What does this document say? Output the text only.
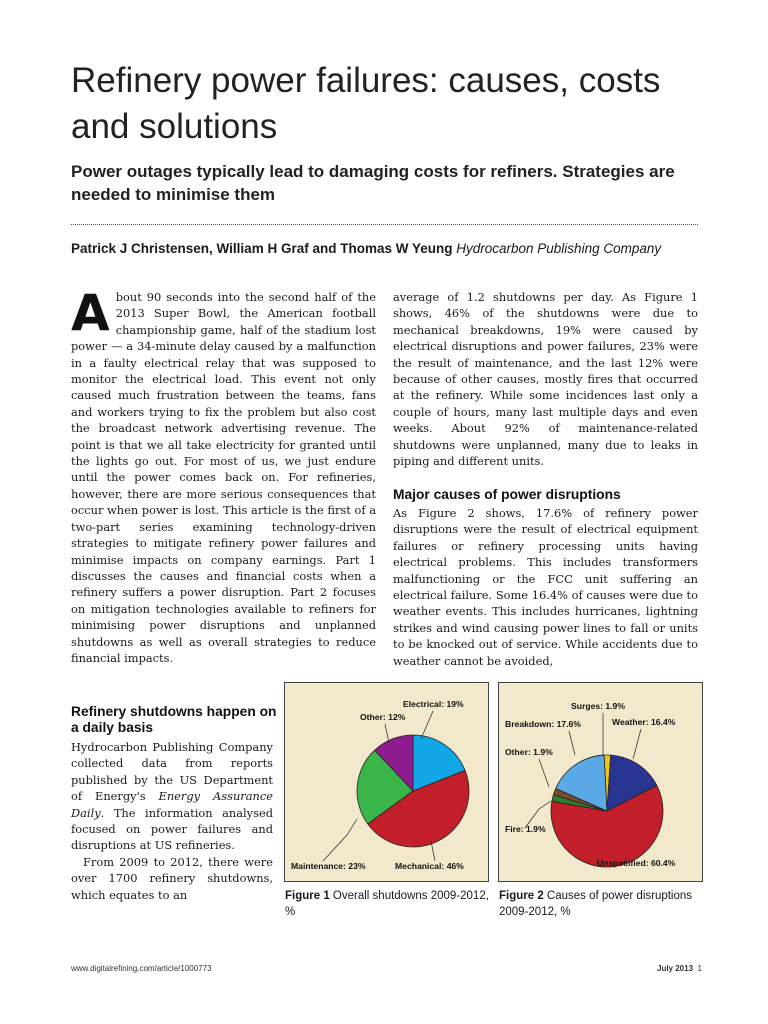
Refinery power failures: causes, costs and solutions
Power outages typically lead to damaging costs for refiners. Strategies are needed to minimise them

Patrick J Christensen, William H Graf and Thomas W Yeung Hydrocarbon Publishing Company

A bout 90 seconds into the second half of the 2013 Super Bowl, the American football championship game, half of the stadium lost power — a 34-minute delay caused by a malfunction in a faulty electrical relay that was supposed to monitor the electrical load. This event not only caused much frustration between the teams, fans and workers trying to fix the problem but also cost the broadcast network advertising revenue. The point is that we all take electricity for granted until the lights go out. For most of us, we just endure until the power comes back on. For refineries, however, there are more serious consequences that occur when power is lost. This article is the first of a two-part series examining technology-driven strategies to mitigate refinery power failures and minimise impacts on company earnings. Part 1 discusses the causes and financial costs when a refinery suffers a power disruption. Part 2 focuses on mitigation technologies available to refiners for minimising power disruptions and unplanned shutdowns as well as overall strategies to reduce financial impacts.

Refinery shutdowns happen on a daily basis

Hydrocarbon Publishing Company collected data from reports published by the US Department of Energy's Energy Assurance Daily. The information analysed focused on power failures and disruptions at US refineries.

From 2009 to 2012, there were over 1700 refinery shutdowns, which equates to an

average of 1.2 shutdowns per day. As Figure 1 shows, 46% of the shutdowns were due to mechanical breakdowns, 19% were caused by electrical disruptions and power failures, 23% were the result of maintenance, and the last 12% were because of other causes, mostly fires that occurred at the refinery. While some incidences last only a couple of hours, many last multiple days and even weeks. About 92% of maintenance-related shutdowns were unplanned, many due to leaks in piping and different units.

Major causes of power disruptions

As Figure 2 shows, 17.6% of refinery power disruptions were the result of electrical equipment failures or refinery processing units having electrical problems. This includes transformers malfunctioning or the FCC unit suffering an electrical failure. Some 16.4% of causes were due to weather events. This includes hurricanes, lightning strikes and wind causing power lines to fall or units to be knocked out of service. While accidents due to weather cannot be avoided,

Electrical: 19%
Mechanical: 46%
Maintenance: 23%
Other: 12%
Figure 1 Overall shutdowns 2009-2012, %
Surges: 1.9%
Weather: 16.4%
Unspecified: 60.4%
Fire: 1.9%
Other: 1.9%
Breakdown: 17.6%
Figure 2 Causes of power disruptions 2009-2012, %
www.digitalrefining.com/article/1000773	July 2013 1
